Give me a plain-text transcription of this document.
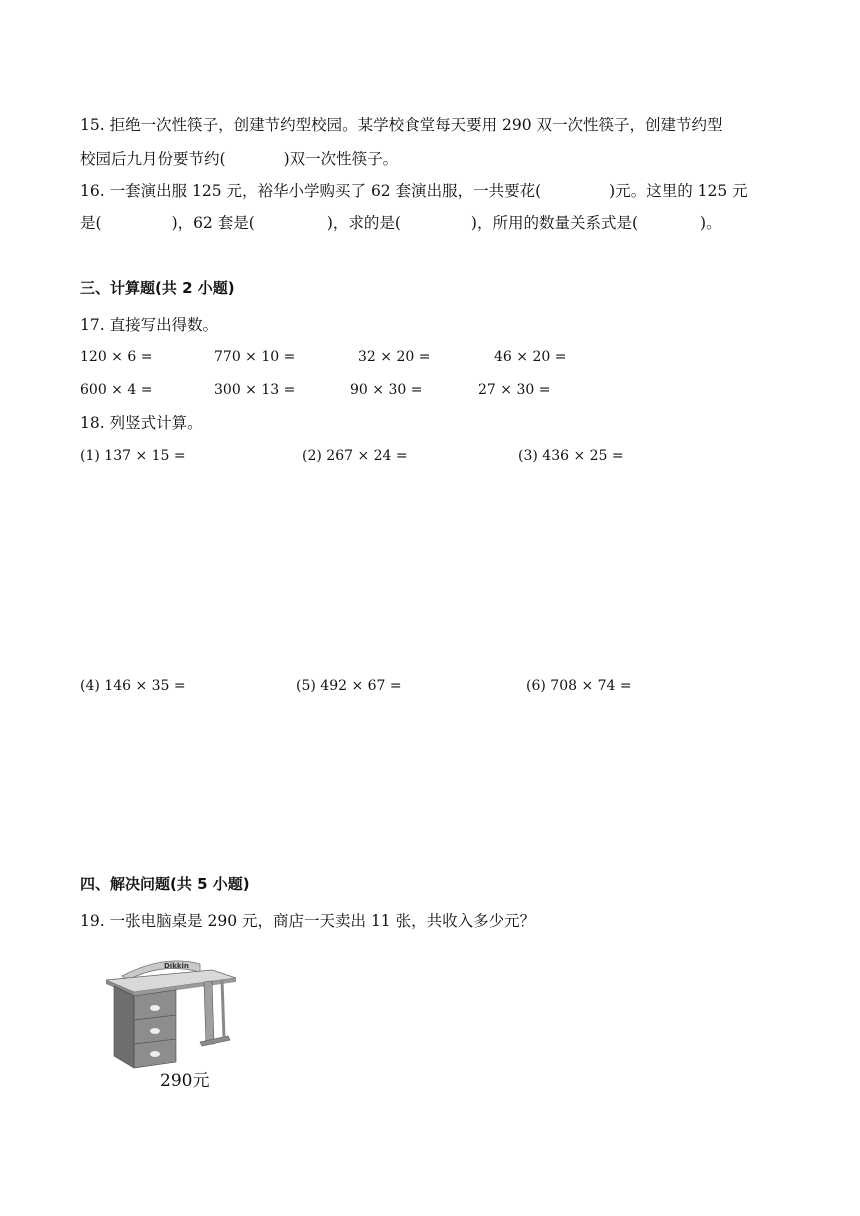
15. 拒绝一次性筷子，创建节约型校园。某学校食堂每天要用 290 双一次性筷子，创建节约型
校园后九月份要节约(	)双一次性筷子。
16. 一套演出服 125 元，裕华小学购买了 62 套演出服，一共要花(	)元。这里的 125 元
是(	)，62 套是(	)，求的是(	)，所用的数量关系式是(	)。
三、计算题(共 2 小题)
17. 直接写出得数。
120 × 6 =	770 × 10 =	32 × 20 =	46 × 20 =
600 × 4 =	300 × 13 =	90 × 30 =	27 × 30 =
18. 列竖式计算。
(1) 137 × 15 =	(2) 267 × 24 =	(3) 436 × 25 =
(4) 146 × 35 =	(5) 492 × 67 =	(6) 708 × 74 =
四、解决问题(共 5 小题)
19. 一张电脑桌是 290 元，商店一天卖出 11 张，共收入多少元？
Dikkin
290元
